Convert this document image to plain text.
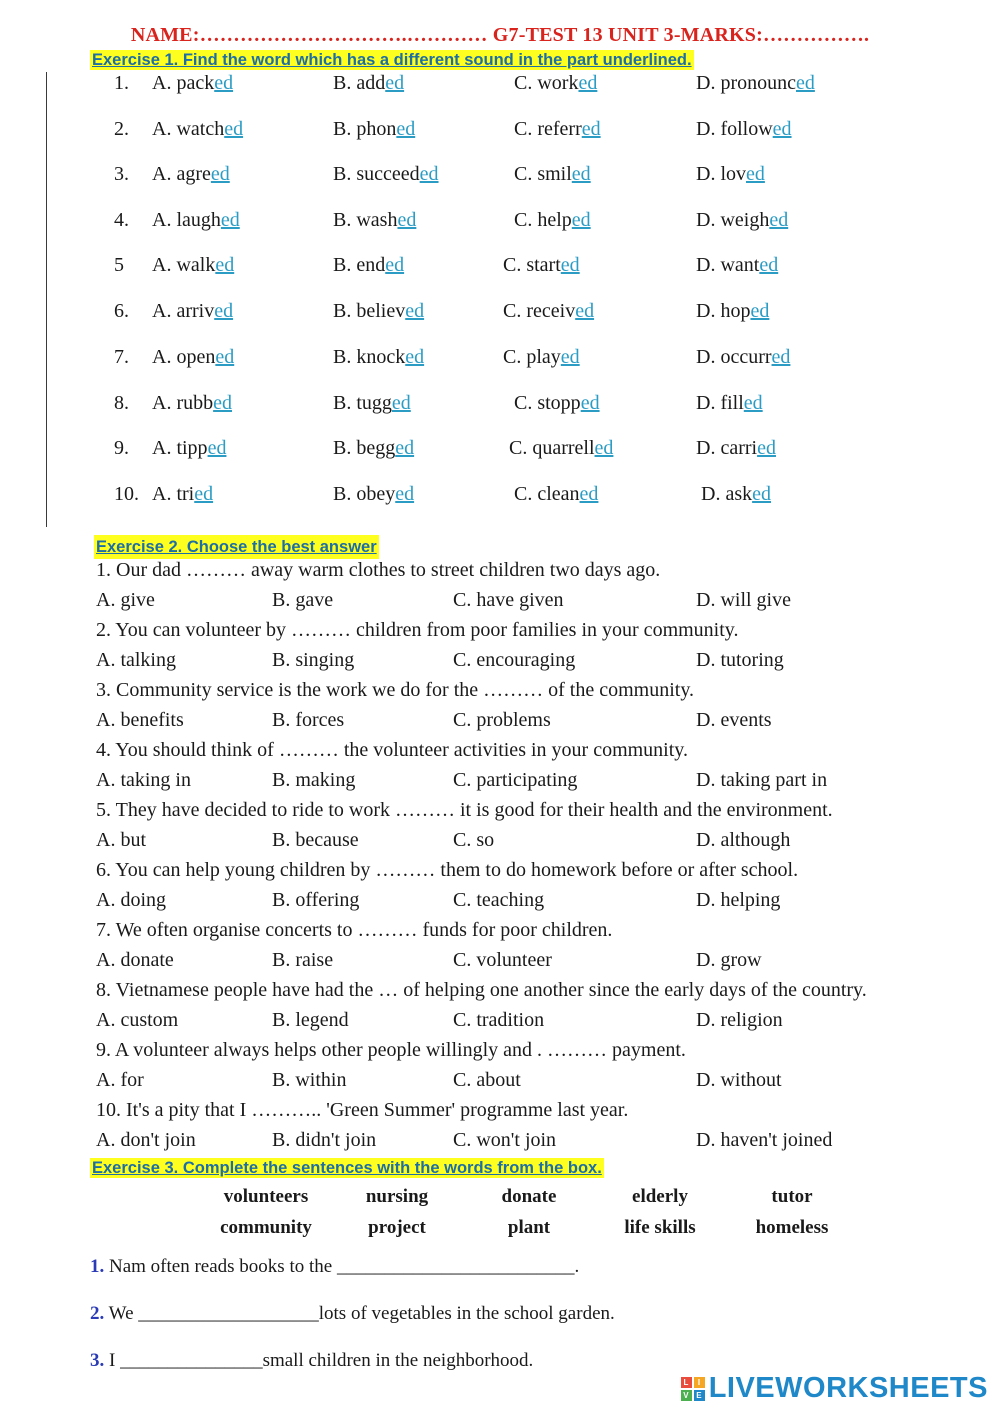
NAME:………………………….………… G7-TEST 13 UNIT 3-MARKS:…………….
Exercise 1. Find the word which has a different sound in the part underlined.
1. A. packed	B. added	C. worked	D. pronounced
2. A. watched	B. phoned	C. referred	D. followed
3. A. agreed	B. succeeded	C. smiled	D. loved
4. A. laughed	B. washed	C. helped	D. weighed
5 A. walked	B. ended	C. started	D. wanted
6. A. arrived	B. believed	C. received	D. hoped
7. A. opened	B. knocked	C. played	D. occurred
8. A. rubbed	B. tugged	C. stopped	D. filled
9. A. tipped	B. begged	C. quarrelled	D. carried
10. A. tried	B. obeyed	C. cleaned	D. asked
Exercise 2. Choose the best answer
1. Our dad ……… away warm clothes to street children two days ago.
A. give	B. gave	C. have given	D. will give
2. You can volunteer by ……… children from poor families in your community.
A. talking	B. singing	C. encouraging	D. tutoring
3. Community service is the work we do for the ……… of the community.
A. benefits	B. forces	C. problems	D. events
4. You should think of ……… the volunteer activities in your community.
A. taking in	B. making	C. participating	D. taking part in
5. They have decided to ride to work ……… it is good for their health and the environment.
A. but	B. because	C. so	D. although
6. You can help young children by ……… them to do homework before or after school.
A. doing	B. offering	C. teaching	D. helping
7. We often organise concerts to ……… funds for poor children.
A. donate	B. raise	C. volunteer	D. grow
8. Vietnamese people have had the … of helping one another since the early days of the country.
A. custom	B. legend	C. tradition	D. religion
9. A volunteer always helps other people willingly and . ……… payment.
A. for	B. within	C. about	D. without
10. It's a pity that I ……….. 'Green Summer' programme last year.
A. don't join	B. didn't join	C. won't join	D. haven't joined
Exercise 3. Complete the sentences with the words from the box.
volunteers	nursing	donate	elderly	tutor
community	project	plant	life skills	homeless
1. Nam often reads books to the _________________________.
2. We ___________________lots of vegetables in the school garden.
3. I _______________small children in the neighborhood.
L	I
V E LIVEWORKSHEETS
